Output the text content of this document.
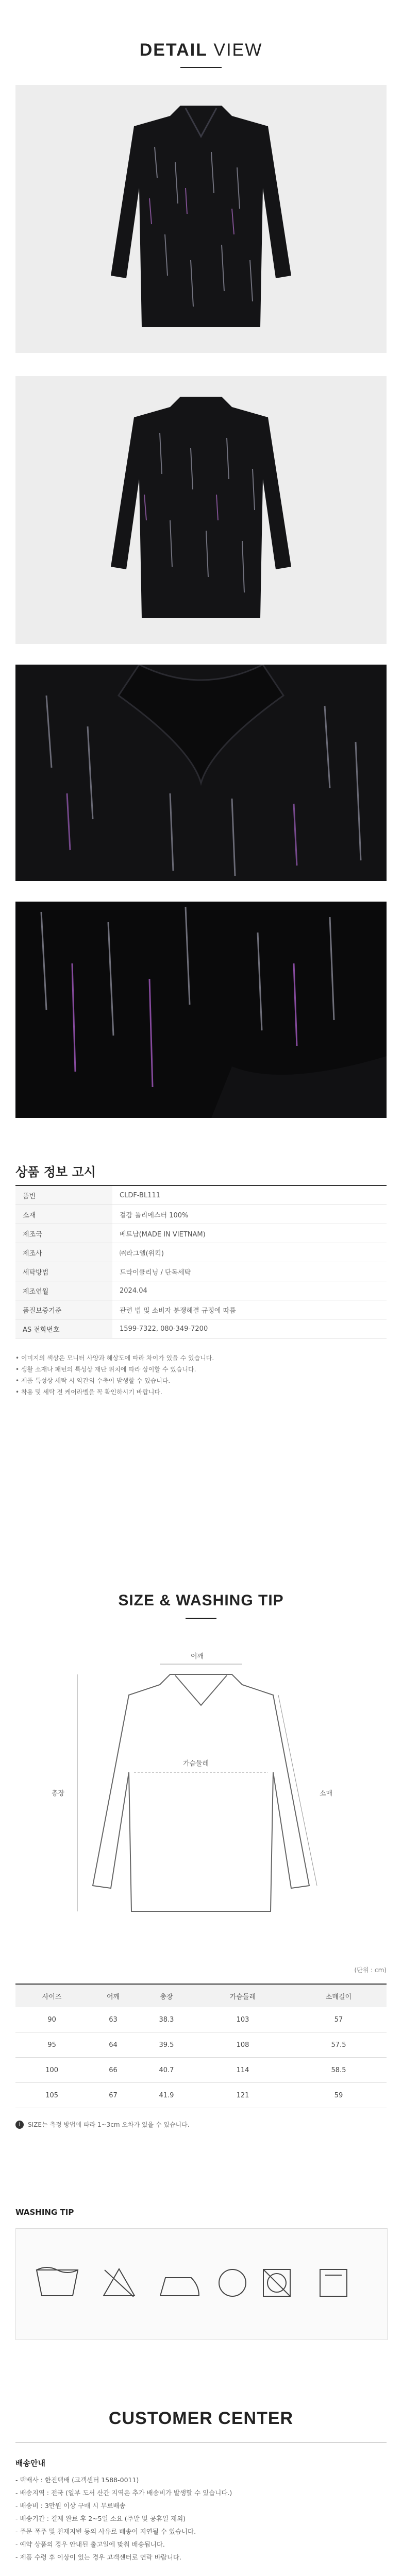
DETAIL VIEW
상품 정보 고시
품번	CLDF-BL111
소재	겉감 폴리에스터 100%
제조국	베트남(MADE IN VIETNAM)
제조사	㈜라그엘(위킥)
세탁방법	드라이클리닝 / 단독세탁
제조연월	2024.04
품질보증기준	관련 법 및 소비자 분쟁해결 규정에 따름
AS 전화번호	1599-7322, 080-349-7200
• 이미지의 색상은 모니터 사양과 해상도에 따라 차이가 있을 수 있습니다.
• 생활 소재나 패턴의 특성상 재단 위치에 따라 상이할 수 있습니다.
• 제품 특성상 세탁 시 약간의 수축이 발생할 수 있습니다.
• 착용 및 세탁 전 케어라벨을 꼭 확인하시기 바랍니다.
SIZE & WASHING TIP
어깨
총장
가슴둘레
소매
(단위 : cm)
사이즈	어깨	총장	가슴둘레	소매길이
90	63	38.3	103	57
95	64	39.5	108	57.5
100	66	40.7	114	58.5
105	67	41.9	121	59
i	SIZE는 측정 방법에 따라 1~3cm 오차가 있을 수 있습니다.
WASHING TIP
CUSTOMER CENTER
배송안내

- 택배사 : 한진택배 (고객센터 1588-0011)

- 배송지역 : 전국 (일부 도서 산간 지역은 추가 배송비가 발생할 수 있습니다.)

- 배송비 : 3만원 이상 구매 시 무료배송

- 배송기간 : 결제 완료 후 2~5일 소요 (주말 및 공휴일 제외)

- 주문 폭주 및 천재지변 등의 사유로 배송이 지연될 수 있습니다.

- 예약 상품의 경우 안내된 출고일에 맞춰 배송됩니다.

- 제품 수령 후 이상이 있는 경우 고객센터로 연락 바랍니다.
